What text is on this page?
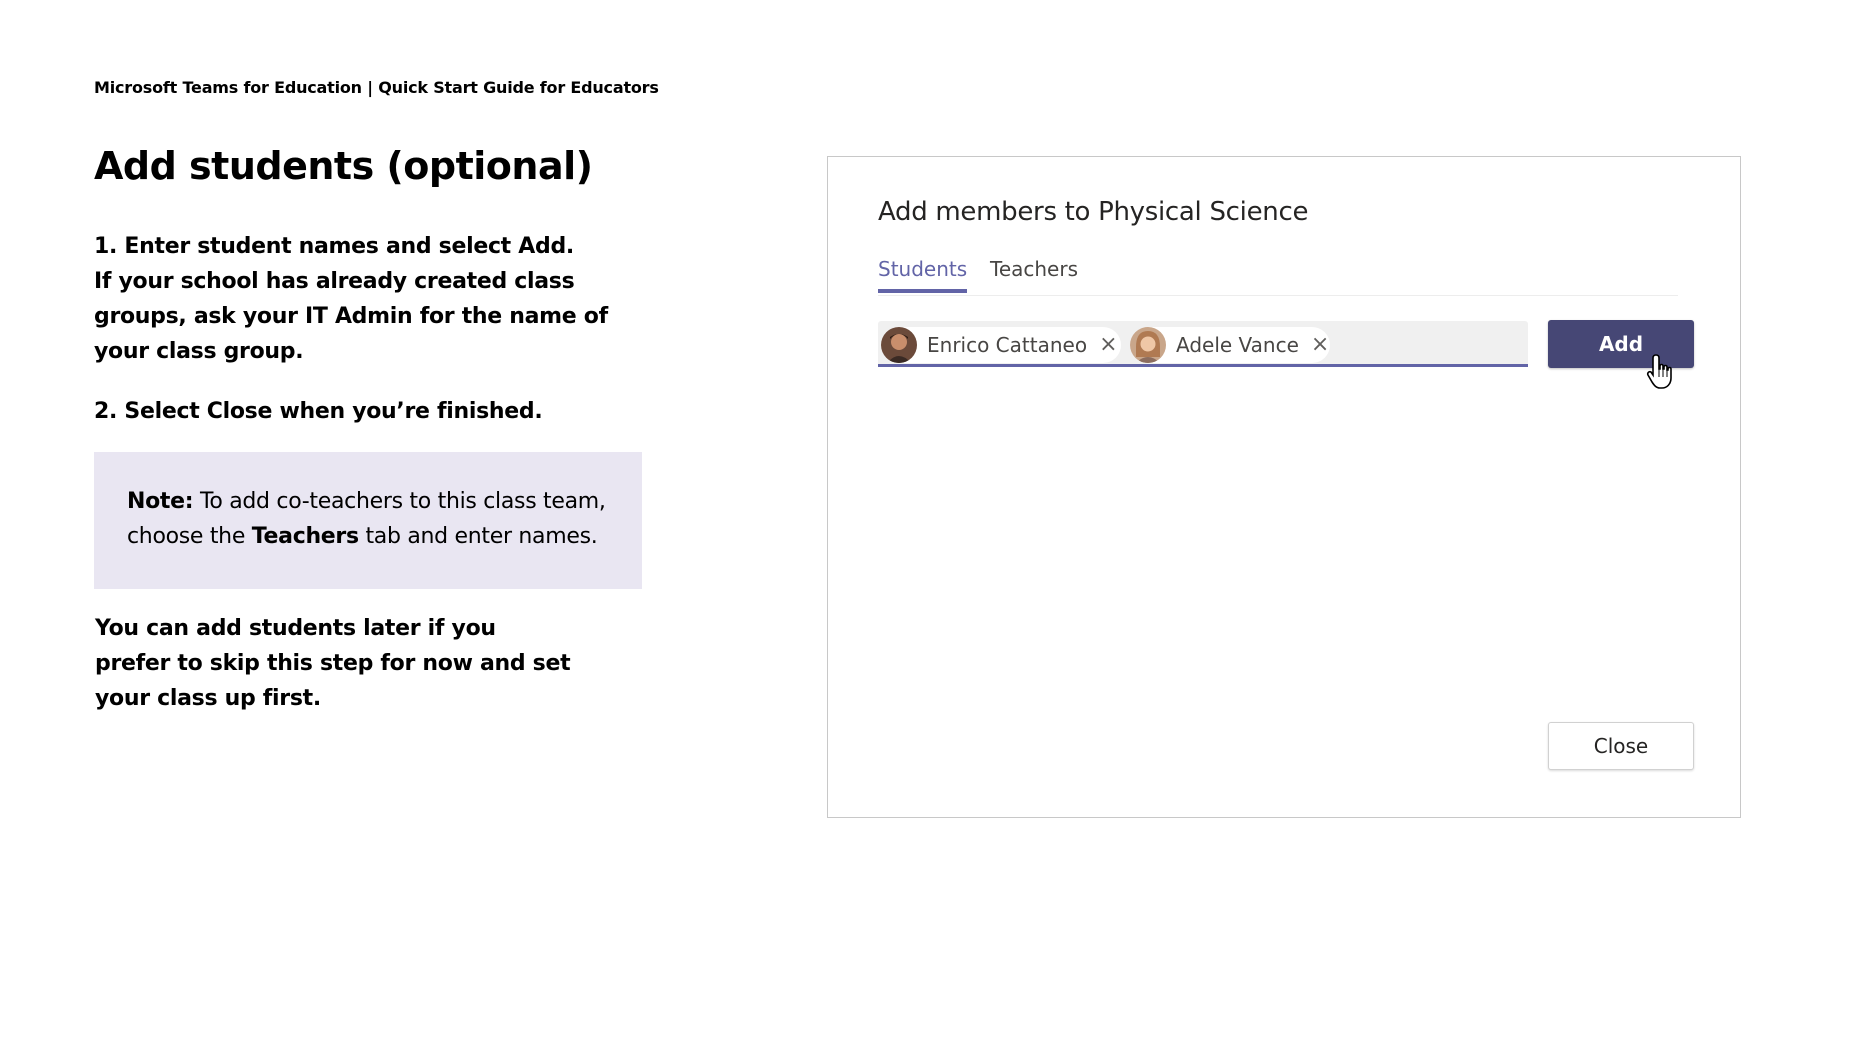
Microsoft Teams for Education | Quick Start Guide for Educators
Add students (optional)
1. Enter student names and select Add.
If your school has already created class groups, ask your IT Admin for the name of your class group.
2. Select Close when you’re finished.
Note: To add co-teachers to this class team, choose the Teachers tab and enter names.
You can add students later if you prefer to skip this step for now and set your class up first.
Add members to Physical Science
Students Teachers
Enrico Cattaneo ×	Adele Vance ×	Add
Close
